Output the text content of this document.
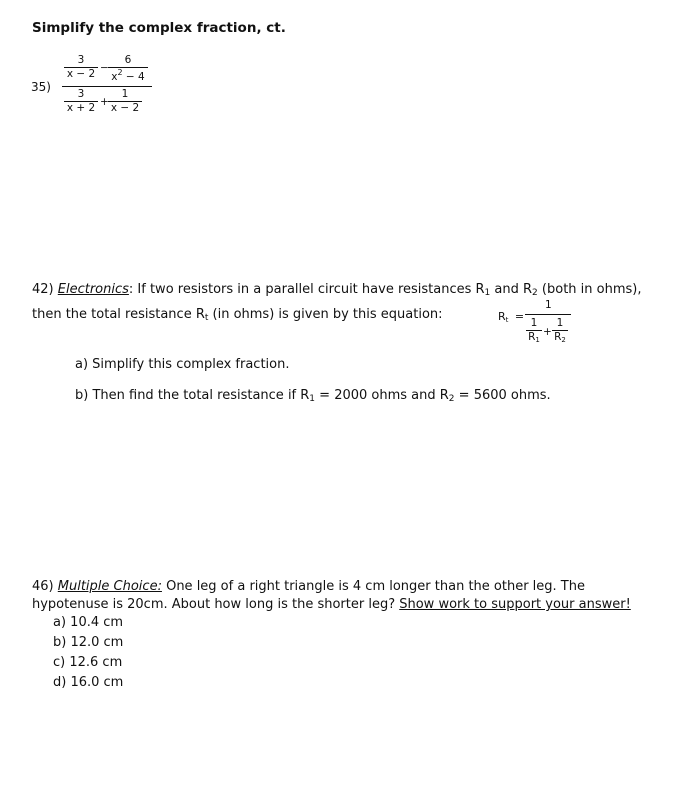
Simplify the complex fraction, ct.
35)
3
x − 2 −
6
$x^2 - 4$
3
x + 2 +
1
x − 2
42) Electronics: If two resistors in a parallel circuit have resistances $R_1$ and $R_2$ (both in ohms),
then the total resistance $R_t$ (in ohms) is given by this equation:	$R_t$ =
1
1
$R_1$
+
1
$R_2$
a) Simplify this complex fraction.
b) Then find the total resistance if $R_1 = 2000$ ohms and $R_2 = 5600$ ohms.
46) Multiple Choice: One leg of a right triangle is 4 cm longer than the other leg. The
hypotenuse is 20cm. About how long is the shorter leg? Show work to support your answer!
a) 10.4 cm
b) 12.0 cm
c) 12.6 cm
d) 16.0 cm
